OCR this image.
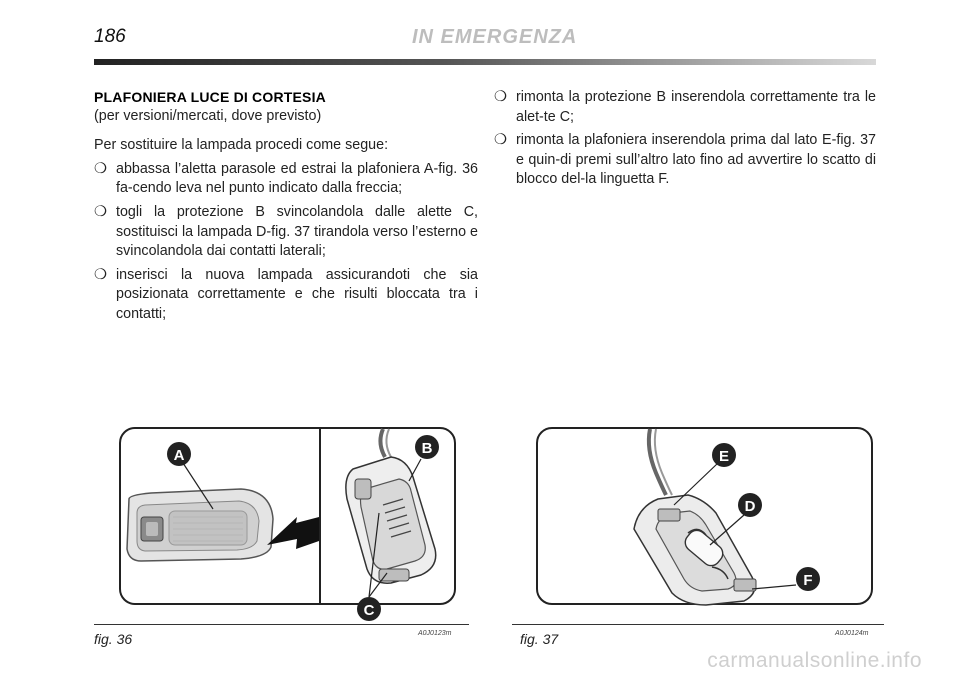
186	IN EMERGENZA

PLAFONIERA LUCE DI CORTESIA

(per versioni/mercati, dove previsto)

Per sostituire la lampada procedi come segue:

❍ abbassa l’aletta parasole ed estrai la plafoniera A-fig. 36 fa-cendo leva nel punto indicato dalla freccia;
❍ togli la protezione B svincolandola dalle alette C, sostituisci la lampada D-fig. 37 tirandola verso l’esterno e svincolandola dai contatti laterali;
❍ inserisci la nuova lampada assicurandoti che sia posizionata correttamente e che risulti bloccata tra i contatti;
❍ rimonta la protezione B inserendola correttamente tra le alet-te C;
❍ rimonta la plafoniera inserendola prima dal lato E-fig. 37 e quin-di premi sull’altro lato fino ad avvertire lo scatto di blocco del-la linguetta F.
A	B
C
fig. 36	A0J0123m
E
D
F
fig. 37	A0J0124m
carmanualsonline.info
